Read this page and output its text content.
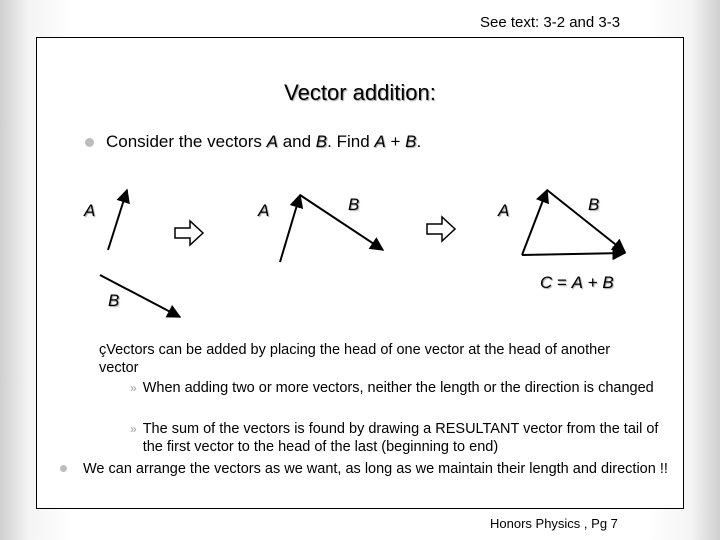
See text: 3-2 and 3-3
Vector addition:
Consider the vectors A and B. Find A + B.
A
B
A	B	A	B
C = A + B
çVectors can be added by placing the head of one vector at the head of another vector
» When adding two or more vectors, neither the length or the direction is changed
» The sum of the vectors is found by drawing a RESULTANT vector from the tail of the first vector to the head of the last (beginning to end)
We can arrange the vectors as we want, as long as we maintain their length and direction !!
Honors Physics , Pg 7
